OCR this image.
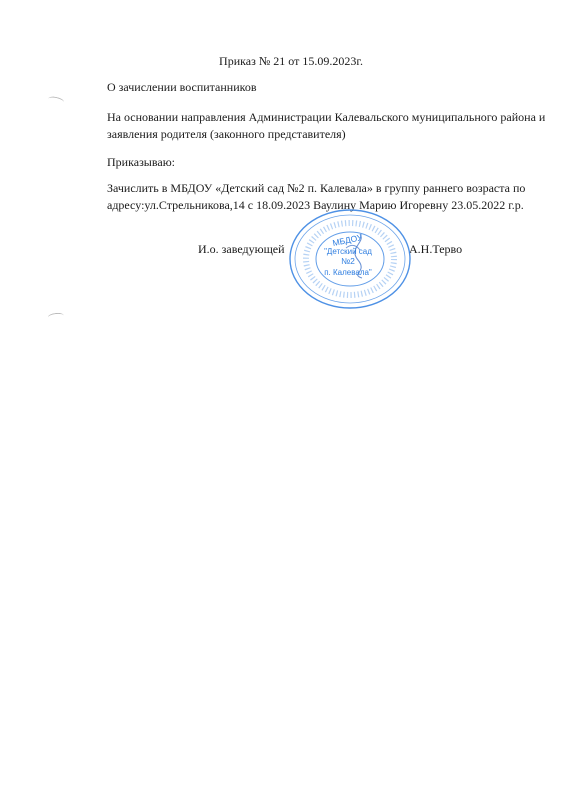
Приказ № 21 от 15.09.2023г.
О зачислении воспитанников
На основании направления Администрации Калевальского муниципального района и
заявления родителя (законного представителя)
Приказываю:
Зачислить в МБДОУ «Детский сад №2 п. Калевала» в группу раннего возраста по
адресу:ул.Стрельникова,14 с 18.09.2023 Ваулину Марию Игоревну 23.05.2022 г.р.
И.о. заведующей	А.Н.Терво
МБДОУ
"Детский сад
№2
п. Калевала"
